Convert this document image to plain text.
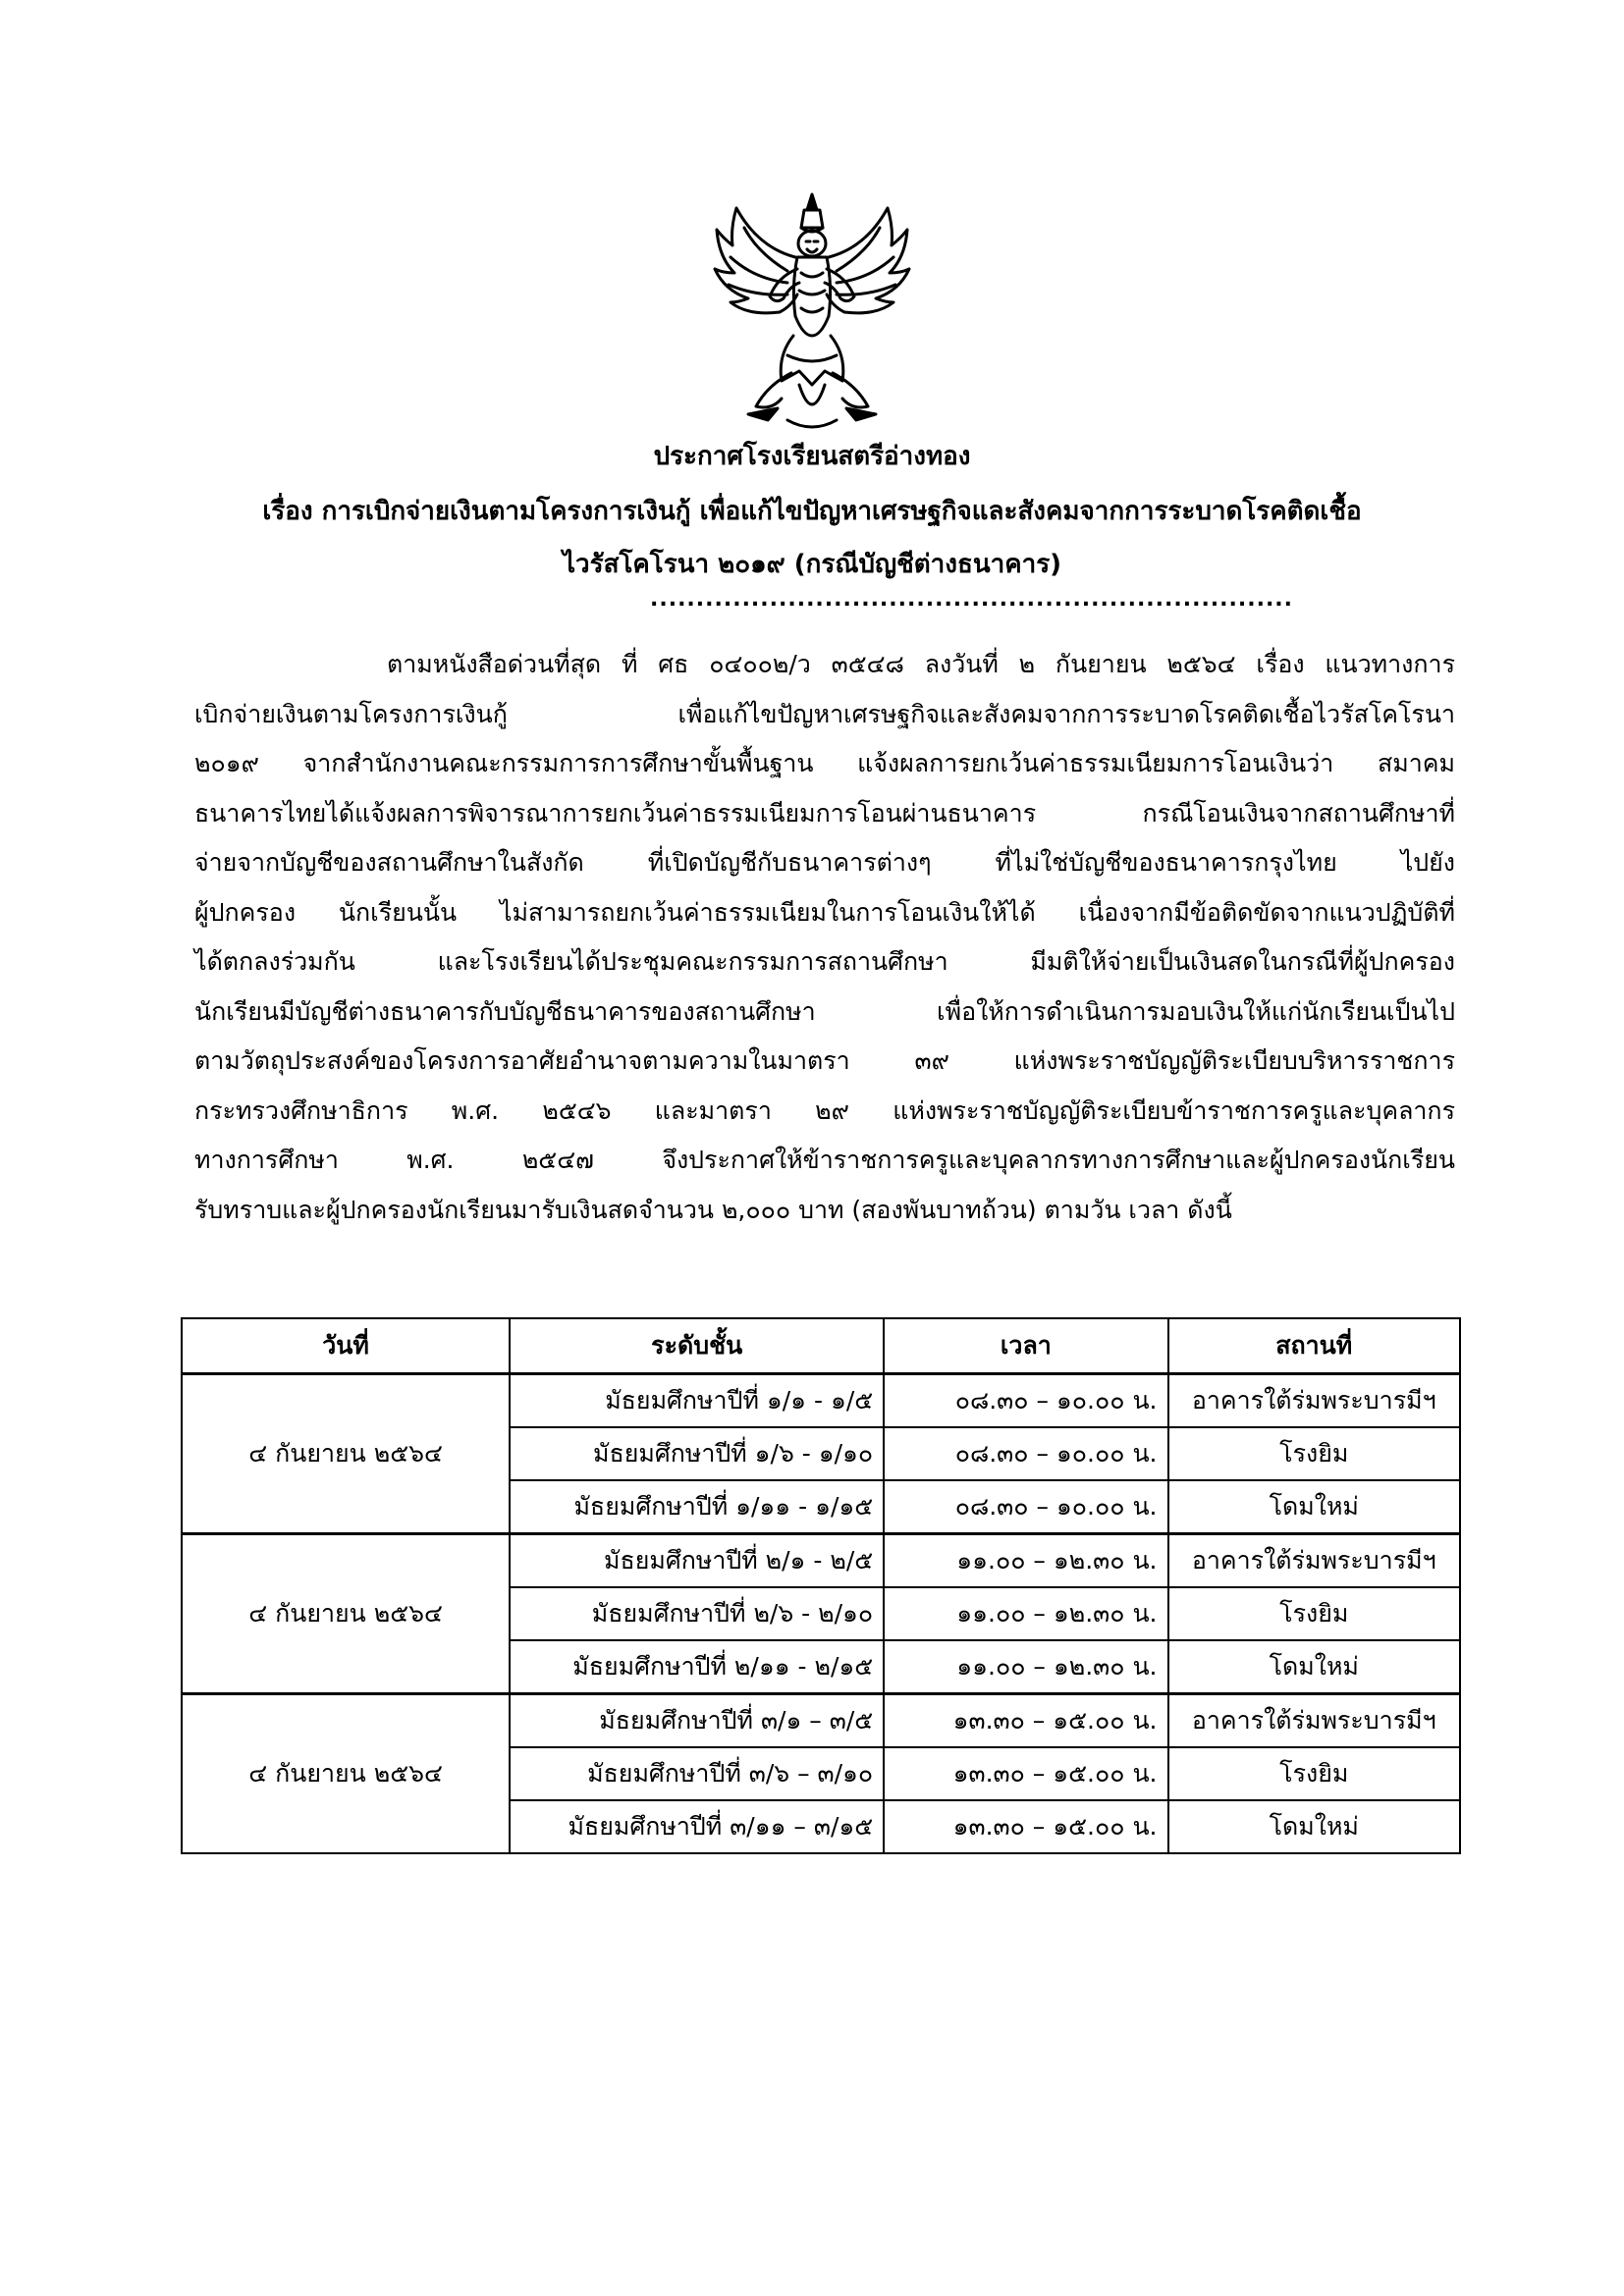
ประกาศโรงเรียนสตรีอ่างทอง
เรื่อง การเบิกจ่ายเงินตามโครงการเงินกู้ เพื่อแก้ไขปัญหาเศรษฐกิจและสังคมจากการระบาดโรคติดเชื้อ
ไวรัสโคโรนา ๒๐๑๙ (กรณีบัญชีต่างธนาคาร)
......................................................................
ตามหนังสือด่วนที่สุด ที่ ศธ ๐๔๐๐๒/ว ๓๕๔๘ ลงวันที่ ๒ กันยายน ๒๕๖๔ เรื่อง แนวทางการ
เบิกจ่ายเงินตามโครงการเงินกู้ เพื่อแก้ไขปัญหาเศรษฐกิจและสังคมจากการระบาดโรคติดเชื้อไวรัสโคโรนา
๒๐๑๙ จากสำนักงานคณะกรรมการการศึกษาขั้นพื้นฐาน แจ้งผลการยกเว้นค่าธรรมเนียมการโอนเงินว่า สมาคม
ธนาคารไทยได้แจ้งผลการพิจารณาการยกเว้นค่าธรรมเนียมการโอนผ่านธนาคาร กรณีโอนเงินจากสถานศึกษาที่
จ่ายจากบัญชีของสถานศึกษาในสังกัด ที่เปิดบัญชีกับธนาคารต่างๆ ที่ไม่ใช่บัญชีของธนาคารกรุงไทย ไปยัง
ผู้ปกครอง นักเรียนนั้น ไม่สามารถยกเว้นค่าธรรมเนียมในการโอนเงินให้ได้ เนื่องจากมีข้อติดขัดจากแนวปฏิบัติที่
ได้ตกลงร่วมกัน และโรงเรียนได้ประชุมคณะกรรมการสถานศึกษา มีมติให้จ่ายเป็นเงินสดในกรณีที่ผู้ปกครอง
นักเรียนมีบัญชีต่างธนาคารกับบัญชีธนาคารของสถานศึกษา เพื่อให้การดำเนินการมอบเงินให้แก่นักเรียนเป็นไป
ตามวัตถุประสงค์ของโครงการอาศัยอำนาจตามความในมาตรา ๓๙ แห่งพระราชบัญญัติระเบียบบริหารราชการ
กระทรวงศึกษาธิการ พ.ศ. ๒๕๔๖ และมาตรา ๒๙ แห่งพระราชบัญญัติระเบียบข้าราชการครูและบุคลากร
ทางการศึกษา พ.ศ. ๒๕๔๗ จึงประกาศให้ข้าราชการครูและบุคลากรทางการศึกษาและผู้ปกครองนักเรียน
รับทราบและผู้ปกครองนักเรียนมารับเงินสดจำนวน ๒,๐๐๐ บาท (สองพันบาทถ้วน) ตามวัน เวลา ดังนี้
วันที่	ระดับชั้น	เวลา	สถานที่
๔ กันยายน ๒๕๖๔	มัธยมศึกษาปีที่ ๑/๑ - ๑/๕	๐๘.๓๐ – ๑๐.๐๐ น.	อาคารใต้ร่มพระบารมีฯ
	มัธยมศึกษาปีที่ ๑/๖ - ๑/๑๐	๐๘.๓๐ – ๑๐.๐๐ น.	โรงยิม
	มัธยมศึกษาปีที่ ๑/๑๑ - ๑/๑๕	๐๘.๓๐ – ๑๐.๐๐ น.	โดมใหม่
๔ กันยายน ๒๕๖๔	มัธยมศึกษาปีที่ ๒/๑ - ๒/๕	๑๑.๐๐ – ๑๒.๓๐ น.	อาคารใต้ร่มพระบารมีฯ
	มัธยมศึกษาปีที่ ๒/๖ - ๒/๑๐	๑๑.๐๐ – ๑๒.๓๐ น.	โรงยิม
	มัธยมศึกษาปีที่ ๒/๑๑ - ๒/๑๕	๑๑.๐๐ – ๑๒.๓๐ น.	โดมใหม่
๔ กันยายน ๒๕๖๔	มัธยมศึกษาปีที่ ๓/๑ – ๓/๕	๑๓.๓๐ – ๑๕.๐๐ น.	อาคารใต้ร่มพระบารมีฯ
	มัธยมศึกษาปีที่ ๓/๖ – ๓/๑๐	๑๓.๓๐ – ๑๕.๐๐ น.	โรงยิม
	มัธยมศึกษาปีที่ ๓/๑๑ – ๓/๑๕	๑๓.๓๐ – ๑๕.๐๐ น.	โดมใหม่
